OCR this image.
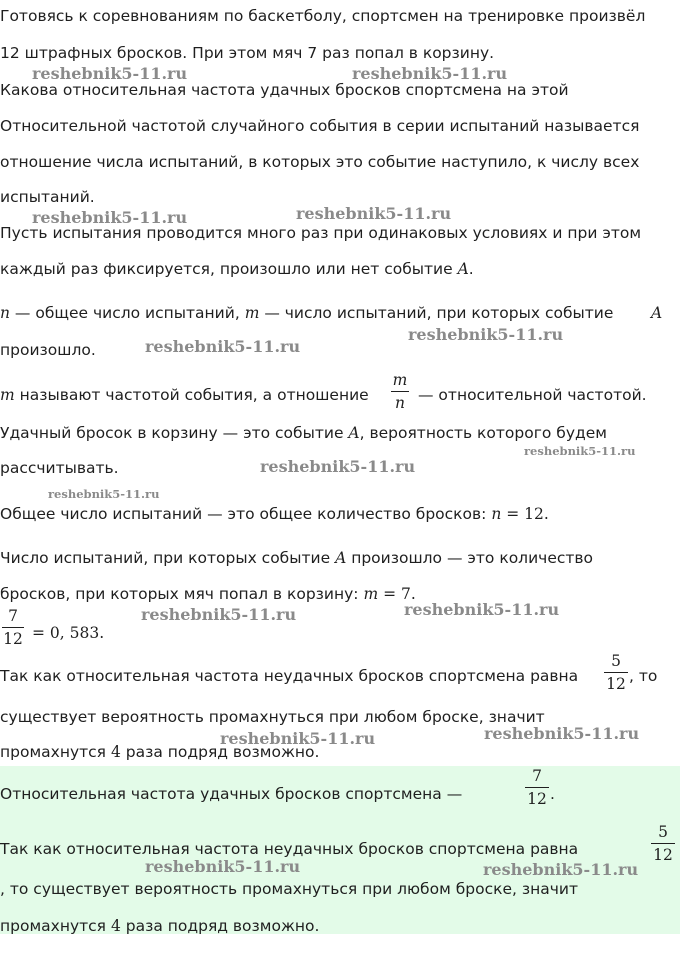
Готовясь к соревнованиям по баскетболу, спортсмен на тренировке произвёл
12 штрафных бросков. При этом мяч 7 раз попал в корзину.
Какова относительная частота удачных бросков спортсмена на этой
Относительной частотой случайного события в серии испытаний называется
отношение числа испытаний, в которых это событие наступило, к числу всех
испытаний.
Пусть испытания проводится много раз при одинаковых условиях и при этом
каждый раз фиксируется, произошло или нет событие A.
n — общее число испытаний, m — число испытаний, при которых событие A
произошло.
m называют частотой события, а отношение
m
n — относительной частотой.
Удачный бросок в корзину — это событие A, вероятность которого будем
рассчитывать.
Общее число испытаний — это общее количество бросков: n = 12.
Число испытаний, при которых событие A произошло — это количество
бросков, при которых мяч попал в корзину: m = 7.
7
12 = 0, 583.
Так как относительная частота неудачных бросков спортсмена равна
5
12 , то
существует вероятность промахнуться при любом броске, значит
промахнутся 4 раза подряд возможно.
Относительная частота удачных бросков спортсмена —
7
12 .
Так как относительная частота неудачных бросков спортсмена равна
5
12
, то существует вероятность промахнуться при любом броске, значит
промахнутся 4 раза подряд возможно.
reshebnik5-11.ru	reshebnik5-11.ru
reshebnik5-11.ru	reshebnik5-11.ru
reshebnik5-11.ru
reshebnik5-11.ru
reshebnik5-11.ru
reshebnik5-11.ru
reshebnik5-11.ru
reshebnik5-11.ru
reshebnik5-11.ru
reshebnik5-11.ru
reshebnik5-11.ru
reshebnik5-11.ru	reshebnik5-11.ru
